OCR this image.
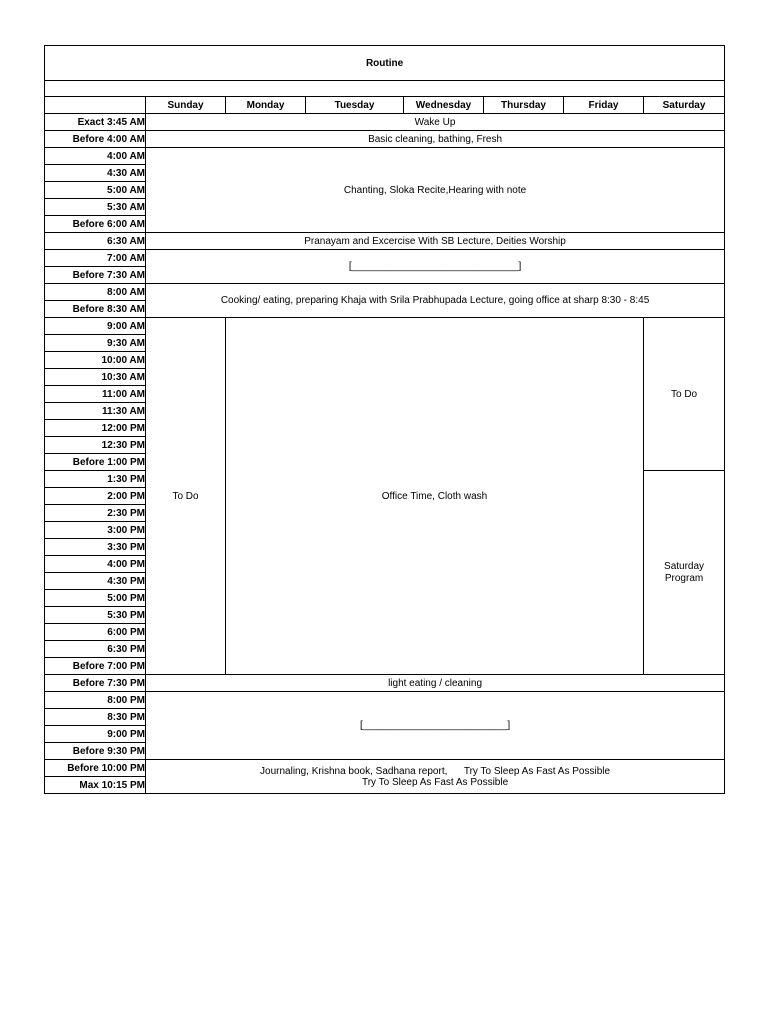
Routine							

	Sunday	Monday	Tuesday	Wednesday	Thursday	Friday	Saturday
Exact 3:45 AM	Wake Up						
Before 4:00 AM	Basic cleaning, bathing, Fresh						
4:00 AM	Chanting, Sloka Recite,Hearing with note						
4:30 AM							
5:00 AM							
5:30 AM							
Before 6:00 AM							
6:30 AM	Pranayam and Excercise With SB Lecture, Deities Worship						
7:00 AM	[______________________________]						
Before 7:30 AM							
8:00 AM	Cooking/ eating, preparing Khaja with Srila Prabhupada Lecture, going office at sharp 8:30 - 8:45						
Before 8:30 AM							
9:00 AM	To Do	Office Time, Cloth wash					To Do
9:30 AM							
10:00 AM							
10:30 AM							
11:00 AM							
11:30 AM							
12:00 PM							
12:30 PM							
Before 1:00 PM							
1:30 PM							Saturday Program

2:00 PM							
2:30 PM							
3:00 PM							
3:30 PM							
4:00 PM							
4:30 PM							
5:00 PM							
5:30 PM							
6:00 PM							
6:30 PM							
Before 7:00 PM							
Before 7:30 PM	light eating / cleaning						
8:00 PM	[__________________________]						
8:30 PM							
9:00 PM							
Before 9:30 PM							
Before 10:00 PM	Journaling, Krishna book, Sadhana report,      Try To Sleep As Fast As Possible
Try To Sleep As Fast As Possible						

Max 10:15 PM							
